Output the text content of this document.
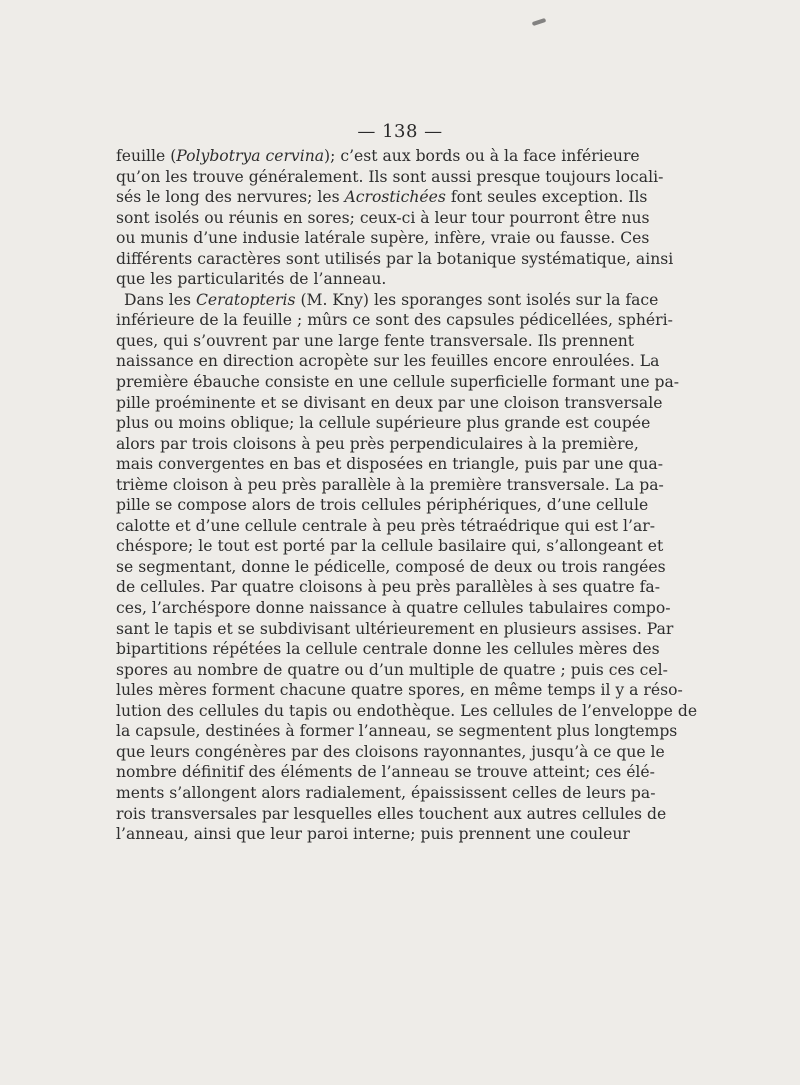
— 138 —

feuille (Polybotrya cervina); c’est aux bords ou à la face inférieure
qu’on les trouve généralement. Ils sont aussi presque toujours locali-
sés le long des nervures; les Acrostichées font seules exception. Ils
sont isolés ou réunis en sores; ceux-ci à leur tour pourront être nus
ou munis d’une indusie latérale supère, infère, vraie ou fausse. Ces
différents caractères sont utilisés par la botanique systématique, ainsi
que les particularités de l’anneau.

Dans les Ceratopteris (M. Kny) les sporanges sont isolés sur la face
inférieure de la feuille ; mûrs ce sont des capsules pédicellées, sphéri-
ques, qui s’ouvrent par une large fente transversale. Ils prennent
naissance en direction acropète sur les feuilles encore enroulées. La
première ébauche consiste en une cellule superficielle formant une pa-
pille proéminente et se divisant en deux par une cloison transversale
plus ou moins oblique; la cellule supérieure plus grande est coupée
alors par trois cloisons à peu près perpendiculaires à la première,
mais convergentes en bas et disposées en triangle, puis par une qua-
trième cloison à peu près parallèle à la première transversale. La pa-
pille se compose alors de trois cellules périphériques, d’une cellule
calotte et d’une cellule centrale à peu près tétraédrique qui est l’ar-
chéspore; le tout est porté par la cellule basilaire qui, s’allongeant et
se segmentant, donne le pédicelle, composé de deux ou trois rangées
de cellules. Par quatre cloisons à peu près parallèles à ses quatre fa-
ces, l’archéspore donne naissance à quatre cellules tabulaires compo-
sant le tapis et se subdivisant ultérieurement en plusieurs assises. Par
bipartitions répétées la cellule centrale donne les cellules mères des
spores au nombre de quatre ou d’un multiple de quatre ; puis ces cel-
lules mères forment chacune quatre spores, en même temps il y a réso-
lution des cellules du tapis ou endothèque. Les cellules de l’enveloppe de
la capsule, destinées à former l’anneau, se segmentent plus longtemps
que leurs congénères par des cloisons rayonnantes, jusqu’à ce que le
nombre définitif des éléments de l’anneau se trouve atteint; ces élé-
ments s’allongent alors radialement, épaississent celles de leurs pa-
rois transversales par lesquelles elles touchent aux autres cellules de
l’anneau, ainsi que leur paroi interne; puis prennent une couleur
